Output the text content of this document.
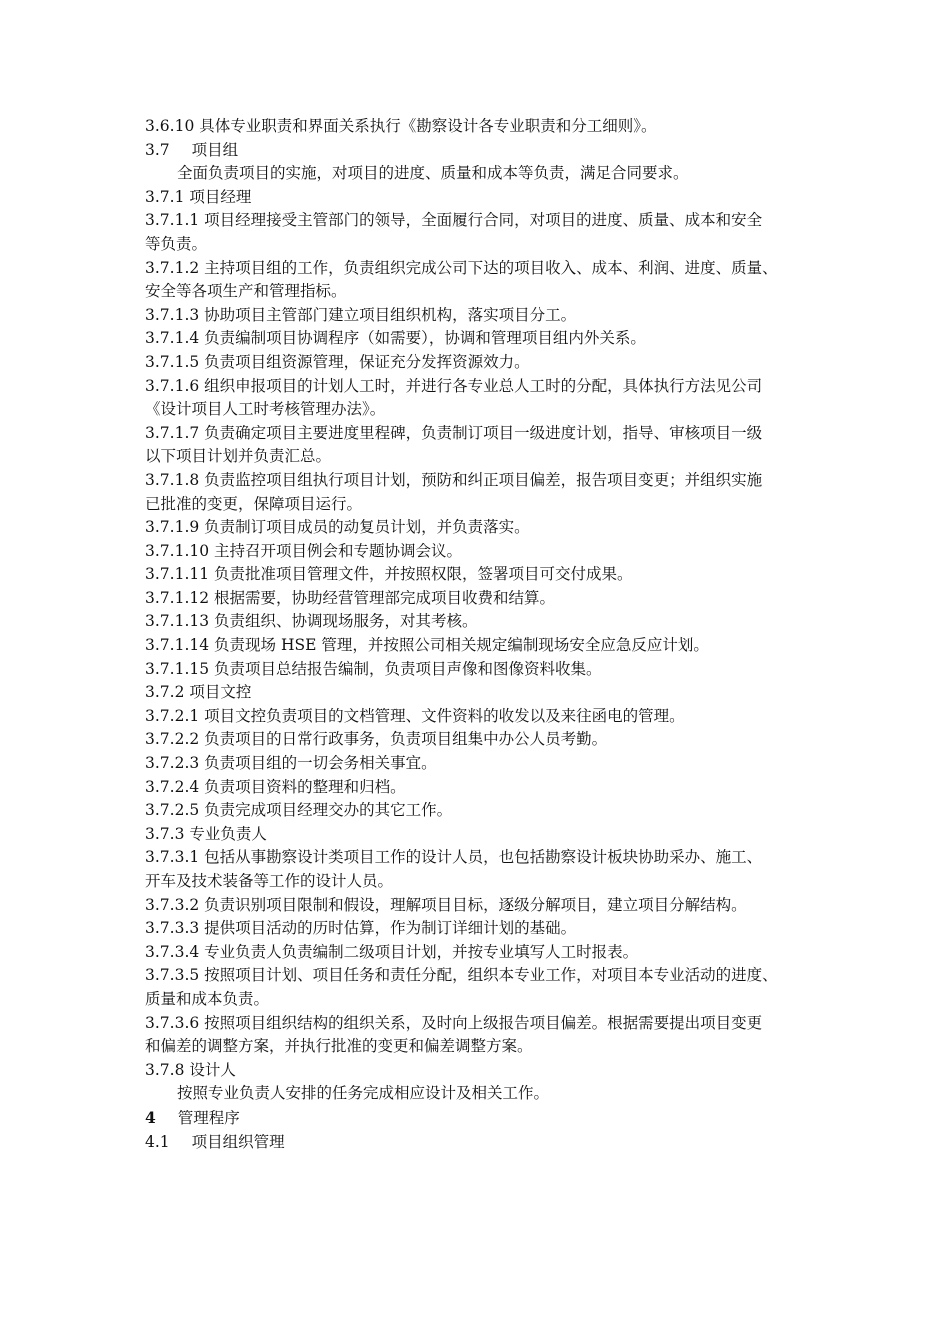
3.6.10 具体专业职责和界面关系执行《勘察设计各专业职责和分工细则》。
3.7 项目组
全面负责项目的实施，对项目的进度、质量和成本等负责，满足合同要求。
3.7.1 项目经理
3.7.1.1 项目经理接受主管部门的领导，全面履行合同，对项目的进度、质量、成本和安全
等负责。
3.7.1.2 主持项目组的工作，负责组织完成公司下达的项目收入、成本、利润、进度、质量、
安全等各项生产和管理指标。
3.7.1.3 协助项目主管部门建立项目组织机构，落实项目分工。
3.7.1.4 负责编制项目协调程序（如需要），协调和管理项目组内外关系。
3.7.1.5 负责项目组资源管理，保证充分发挥资源效力。
3.7.1.6 组织申报项目的计划人工时，并进行各专业总人工时的分配，具体执行方法见公司
《设计项目人工时考核管理办法》。
3.7.1.7 负责确定项目主要进度里程碑，负责制订项目一级进度计划，指导、审核项目一级
以下项目计划并负责汇总。
3.7.1.8 负责监控项目组执行项目计划，预防和纠正项目偏差，报告项目变更；并组织实施
已批准的变更，保障项目运行。
3.7.1.9 负责制订项目成员的动复员计划，并负责落实。
3.7.1.10 主持召开项目例会和专题协调会议。
3.7.1.11 负责批准项目管理文件，并按照权限，签署项目可交付成果。
3.7.1.12 根据需要，协助经营管理部完成项目收费和结算。
3.7.1.13 负责组织、协调现场服务，对其考核。
3.7.1.14 负责现场 HSE 管理，并按照公司相关规定编制现场安全应急反应计划。
3.7.1.15 负责项目总结报告编制，负责项目声像和图像资料收集。
3.7.2 项目文控
3.7.2.1 项目文控负责项目的文档管理、文件资料的收发以及来往函电的管理。
3.7.2.2 负责项目的日常行政事务，负责项目组集中办公人员考勤。
3.7.2.3 负责项目组的一切会务相关事宜。
3.7.2.4 负责项目资料的整理和归档。
3.7.2.5 负责完成项目经理交办的其它工作。
3.7.3 专业负责人
3.7.3.1 包括从事勘察设计类项目工作的设计人员，也包括勘察设计板块协助采办、施工、
开车及技术装备等工作的设计人员。
3.7.3.2 负责识别项目限制和假设，理解项目目标，逐级分解项目，建立项目分解结构。
3.7.3.3 提供项目活动的历时估算，作为制订详细计划的基础。
3.7.3.4 专业负责人负责编制二级项目计划，并按专业填写人工时报表。
3.7.3.5 按照项目计划、项目任务和责任分配，组织本专业工作，对项目本专业活动的进度、
质量和成本负责。
3.7.3.6 按照项目组织结构的组织关系，及时向上级报告项目偏差。根据需要提出项目变更
和偏差的调整方案，并执行批准的变更和偏差调整方案。
3.7.8 设计人
按照专业负责人安排的任务完成相应设计及相关工作。
4 管理程序
4.1 项目组织管理
